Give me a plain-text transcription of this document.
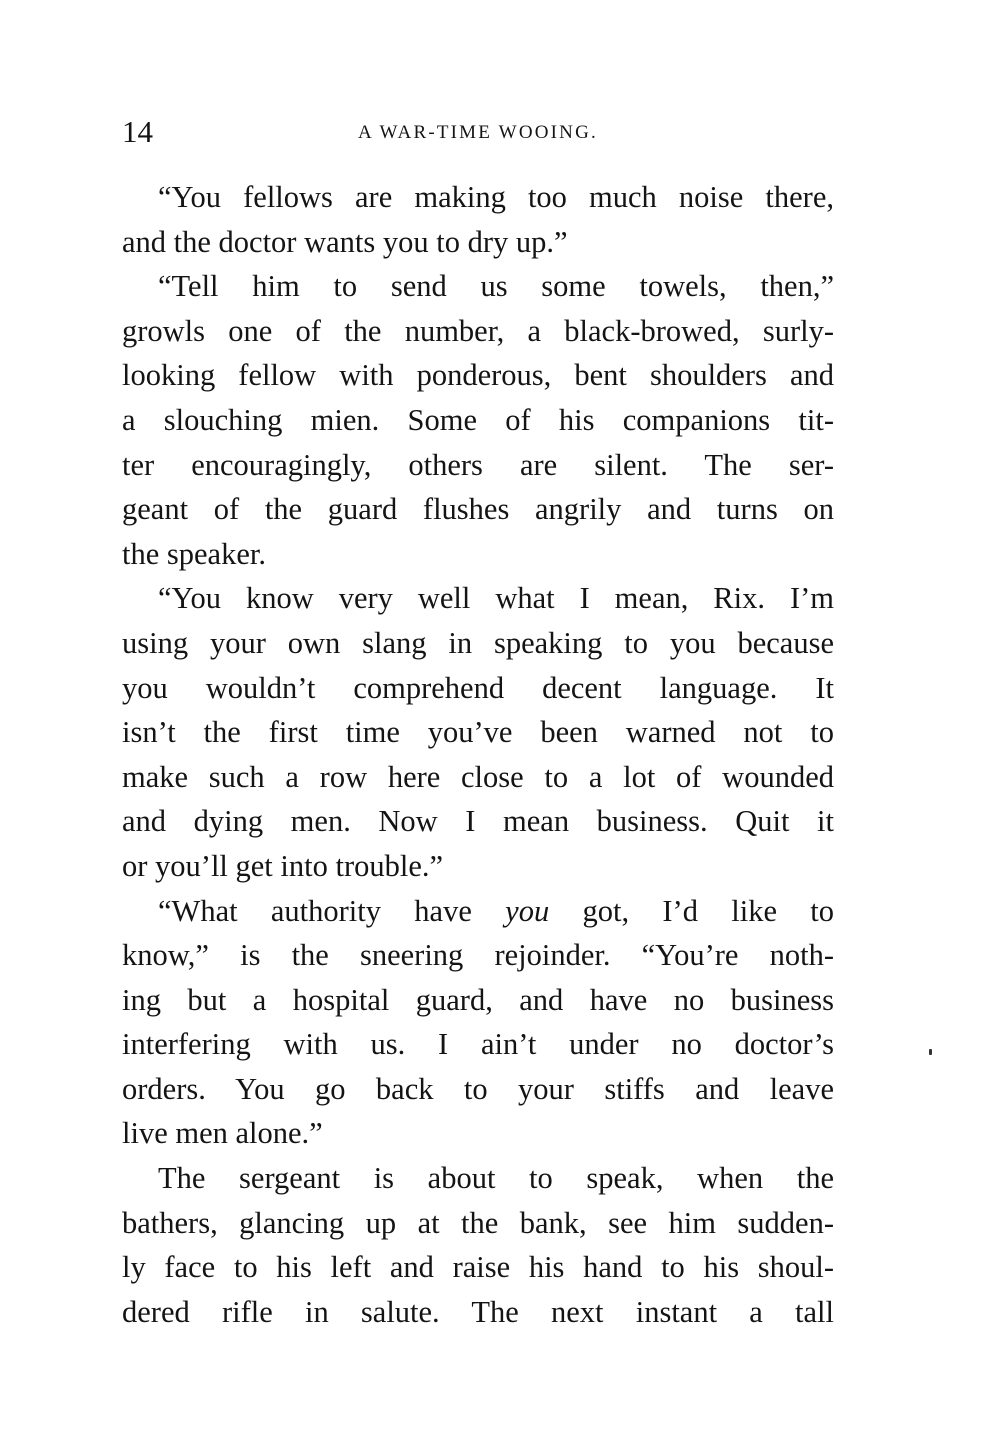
14	A WAR-TIME WOOING.
“You fellows are making too much noise there,
and the doctor wants you to dry up.”
“Tell him to send us some towels, then,”
growls one of the number, a black-browed, surly-
looking fellow with ponderous, bent shoulders and
a slouching mien. Some of his companions tit-
ter encouragingly, others are silent. The ser-
geant of the guard flushes angrily and turns on
the speaker.
“You know very well what I mean, Rix. I’m
using your own slang in speaking to you because
you wouldn’t comprehend decent language. It
isn’t the first time you’ve been warned not to
make such a row here close to a lot of wounded
and dying men. Now I mean business. Quit it
or you’ll get into trouble.”
“What authority have you got, I’d like to
know,” is the sneering rejoinder. “You’re noth-
ing but a hospital guard, and have no business
interfering with us. I ain’t under no doctor’s
orders. You go back to your stiffs and leave
live men alone.”
The sergeant is about to speak, when the
bathers, glancing up at the bank, see him sudden-
ly face to his left and raise his hand to his shoul-
dered rifle in salute. The next instant a tall
